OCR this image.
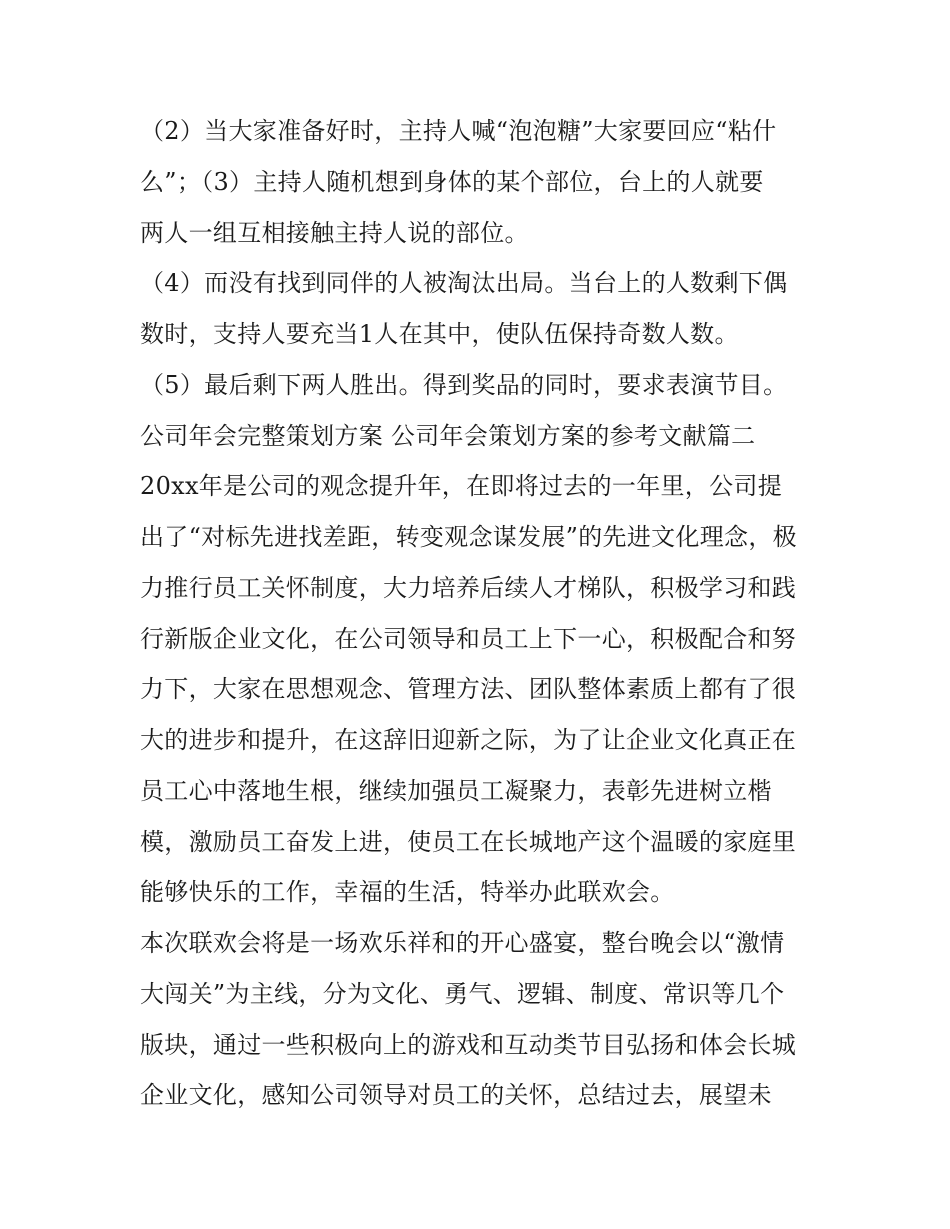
（2）当大家准备好时，主持人喊“泡泡糖”大家要回应“粘什
么”；（3）主持人随机想到身体的某个部位，台上的人就要
两人一组互相接触主持人说的部位。
（4）而没有找到同伴的人被淘汰出局。当台上的人数剩下偶
数时，支持人要充当1人在其中，使队伍保持奇数人数。
（5）最后剩下两人胜出。得到奖品的同时，要求表演节目。
公司年会完整策划方案 公司年会策划方案的参考文献篇二
20xx年是公司的观念提升年，在即将过去的一年里，公司提
出了“对标先进找差距，转变观念谋发展”的先进文化理念，极
力推行员工关怀制度，大力培养后续人才梯队，积极学习和践
行新版企业文化，在公司领导和员工上下一心，积极配合和努
力下，大家在思想观念、管理方法、团队整体素质上都有了很
大的进步和提升，在这辞旧迎新之际，为了让企业文化真正在
员工心中落地生根，继续加强员工凝聚力，表彰先进树立楷
模，激励员工奋发上进，使员工在长城地产这个温暖的家庭里
能够快乐的工作，幸福的生活，特举办此联欢会。
本次联欢会将是一场欢乐祥和的开心盛宴，整台晚会以“激情
大闯关”为主线，分为文化、勇气、逻辑、制度、常识等几个
版块，通过一些积极向上的游戏和互动类节目弘扬和体会长城
企业文化，感知公司领导对员工的关怀，总结过去，展望未
